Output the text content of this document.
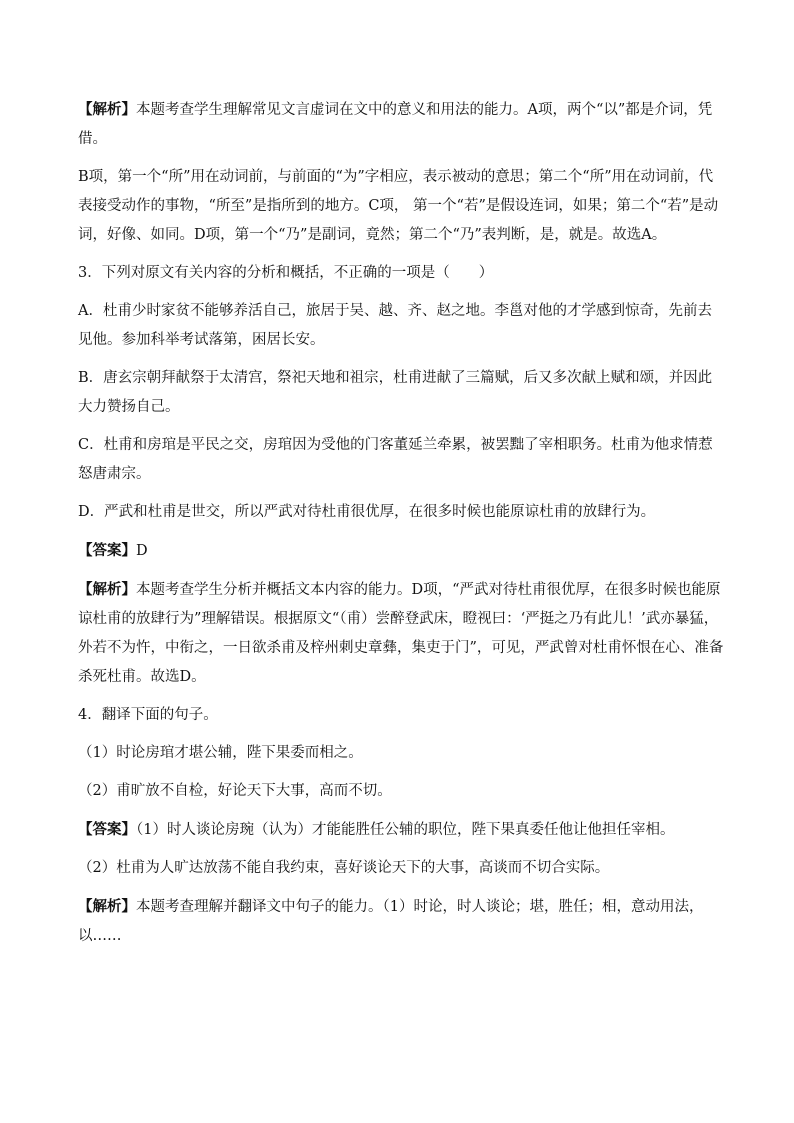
【解析】本题考查学生理解常见文言虚词在文中的意义和用法的能力。A项，两个“以”都是介词，凭借。

B项，第一个“所”用在动词前，与前面的“为”字相应，表示被动的意思；第二个“所”用在动词前，代表接受动作的事物，“所至”是指所到的地方。C项， 第一个“若”是假设连词，如果；第二个“若”是动词，好像、如同。D项，第一个“乃”是副词，竟然；第二个“乃”表判断，是，就是。故选A。

3．下列对原文有关内容的分析和概括，不正确的一项是（　　）

A．杜甫少时家贫不能够养活自己，旅居于吴、越、齐、赵之地。李邕对他的才学感到惊奇，先前去见他。参加科举考试落第，困居长安。

B．唐玄宗朝拜献祭于太清宫，祭祀天地和祖宗，杜甫进献了三篇赋，后又多次献上赋和颂，并因此大力赞扬自己。

C．杜甫和房琯是平民之交，房琯因为受他的门客董延兰牵累，被罢黜了宰相职务。杜甫为他求情惹怒唐肃宗。

D．严武和杜甫是世交，所以严武对待杜甫很优厚，在很多时候也能原谅杜甫的放肆行为。

【答案】D

【解析】本题考查学生分析并概括文本内容的能力。D项，“严武对待杜甫很优厚，在很多时候也能原谅杜甫的放肆行为”理解错误。根据原文“（甫）尝醉登武床，瞪视曰：‘严挺之乃有此儿！’武亦暴猛，外若不为忤，中衔之，一日欲杀甫及梓州刺史章彝，集吏于门”，可见，严武曾对杜甫怀恨在心、准备杀死杜甫。故选D。

4．翻译下面的句子。

（1）时论房琯才堪公辅，陛下果委而相之。

（2）甫旷放不自检，好论天下大事，高而不切。

【答案】（1）时人谈论房琬（认为）才能能胜任公辅的职位，陛下果真委任他让他担任宰相。

（2）杜甫为人旷达放荡不能自我约束，喜好谈论天下的大事，高谈而不切合实际。

【解析】本题考查理解并翻译文中句子的能力。（1）时论，时人谈论；堪，胜任；相，意动用法，以……
